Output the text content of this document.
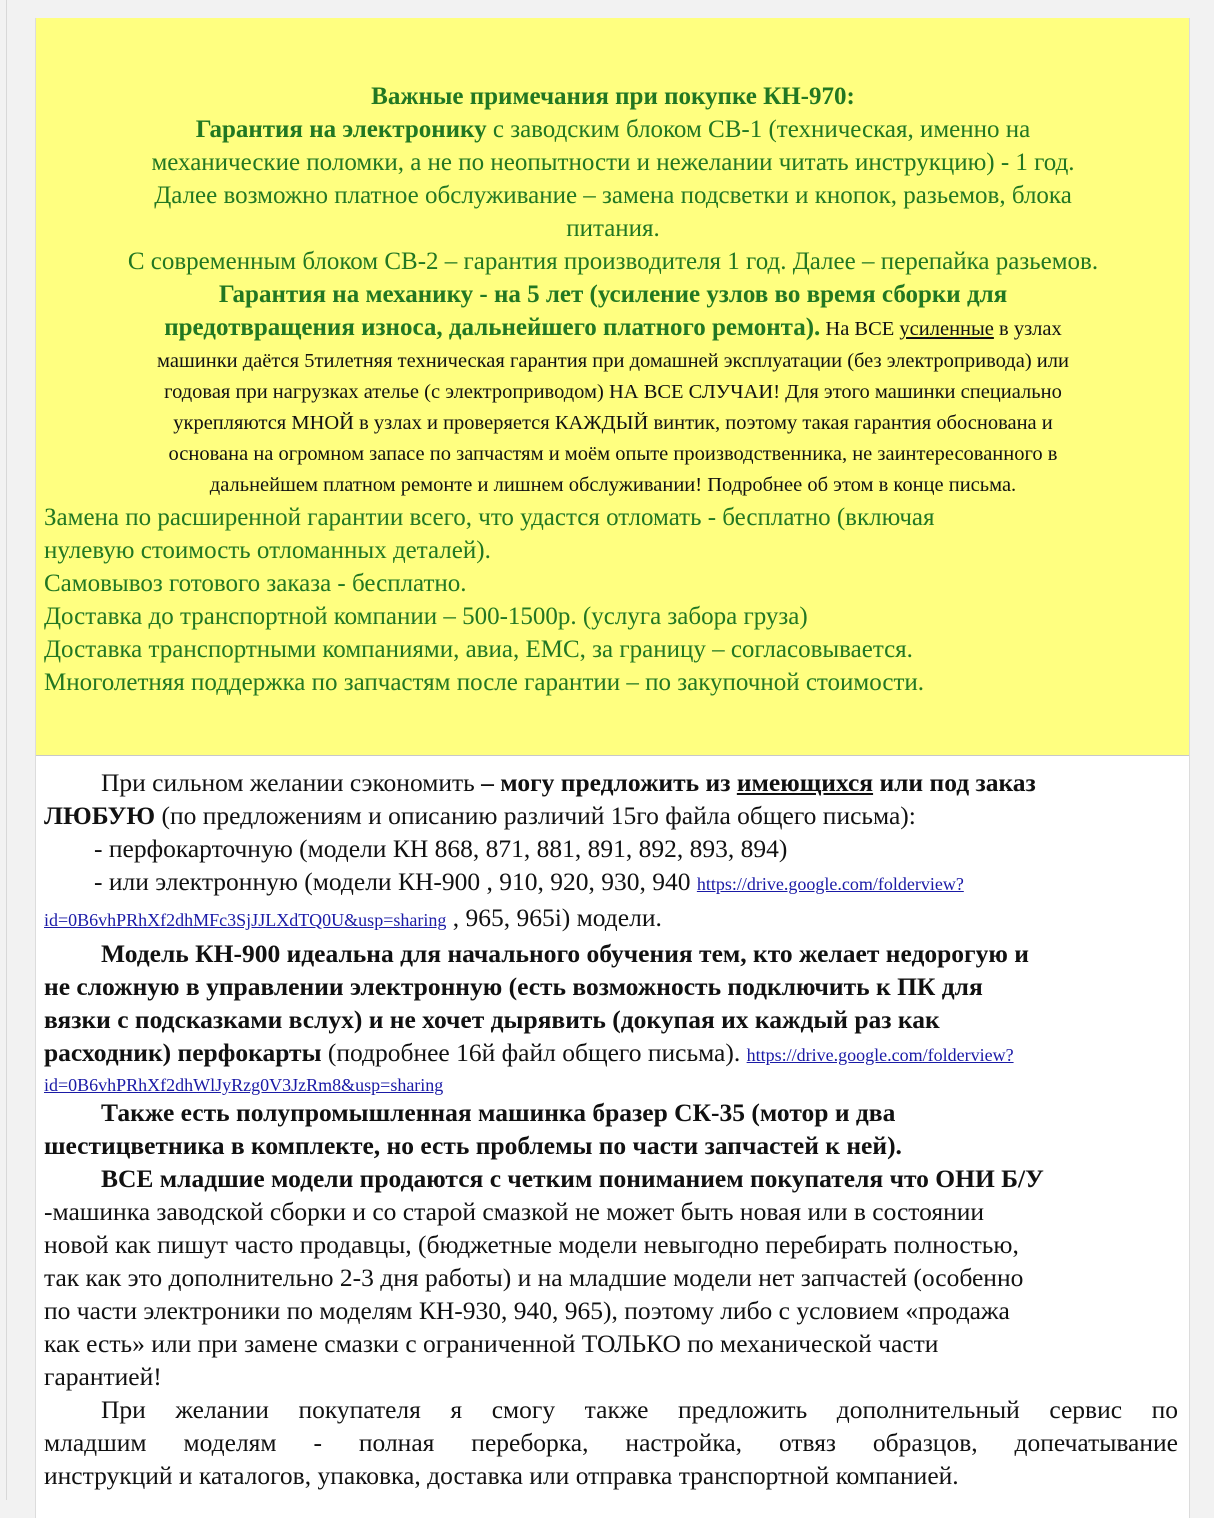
Важные примечания при покупке КН-970:
Гарантия на электронику с заводским блоком СВ-1 (техническая, именно на
механические поломки, а не по неопытности и нежелании читать инструкцию) - 1 год.
Далее возможно платное обслуживание – замена подсветки и кнопок, разьемов, блока
питания.
С современным блоком СВ-2 – гарантия производителя 1 год. Далее – перепайка разьемов.
Гарантия на механику - на 5 лет (усиление узлов во время сборки для
предотвращения износа, дальнейшего платного ремонта). На ВСЕ усиленные в узлах
машинки даётся 5тилетняя техническая гарантия при домашней эксплуатации (без электропривода) или
годовая при нагрузках ателье (с электроприводом) НА ВСЕ СЛУЧАИ! Для этого машинки специально
укрепляются МНОЙ в узлах и проверяется КАЖДЫЙ винтик, поэтому такая гарантия обоснована и
основана на огромном запасе по запчастям и моём опыте производственника, не заинтересованного в
дальнейшем платном ремонте и лишнем обслуживании! Подробнее об этом в конце письма.
Замена по расширенной гарантии всего, что удастся отломать - бесплатно (включая
нулевую стоимость отломанных деталей).
Самовывоз готового заказа - бесплатно.
Доставка до транспортной компании – 500-1500р. (услуга забора груза)
Доставка транспортными компаниями, авиа, ЕМС, за границу – согласовывается.
Многолетняя поддержка по запчастям после гарантии – по закупочной стоимости.

При сильном желании сэкономить – могу предложить из имеющихся или под заказ

ЛЮБУЮ (по предложениям и описанию различий 15го файла общего письма):

- перфокарточную (модели КН 868, 871, 881, 891, 892, 893, 894)

- или электронную (модели КН-900 , 910, 920, 930, 940 https://drive.google.com/folderview?

id=0B6vhPRhXf2dhMFc3SjJJLXdTQ0U&usp=sharing , 965, 965i) модели.

Модель КН-900 идеальна для начального обучения тем, кто желает недорогую и

не сложную в управлении электронную (есть возможность подключить к ПК для

вязки с подсказками вслух) и не хочет дырявить (докупая их каждый раз как

расходник) перфокарты (подробнее 16й файл общего письма). https://drive.google.com/folderview?

id=0B6vhPRhXf2dhWlJyRzg0V3JzRm8&usp=sharing

Также есть полупромышленная машинка бразер СК-35 (мотор и два

шестицветника в комплекте, но есть проблемы по части запчастей к ней).

ВСЕ младшие модели продаются с четким пониманием покупателя что ОНИ Б/У

-машинка заводской сборки и со старой смазкой не может быть новая или в состоянии

новой как пишут часто продавцы, (бюджетные модели невыгодно перебирать полностью,

так как это дополнительно 2-3 дня работы) и на младшие модели нет запчастей (особенно

по части электроники по моделям КН-930, 940, 965), поэтому либо с условием «продажа

как есть» или при замене смазки с ограниченной ТОЛЬКО по механической части

гарантией!

При желании покупателя я смогу также предложить дополнительный сервис по

младшим моделям - полная переборка, настройка, отвяз образцов, допечатывание

инструкций и каталогов, упаковка, доставка или отправка транспортной компанией.
